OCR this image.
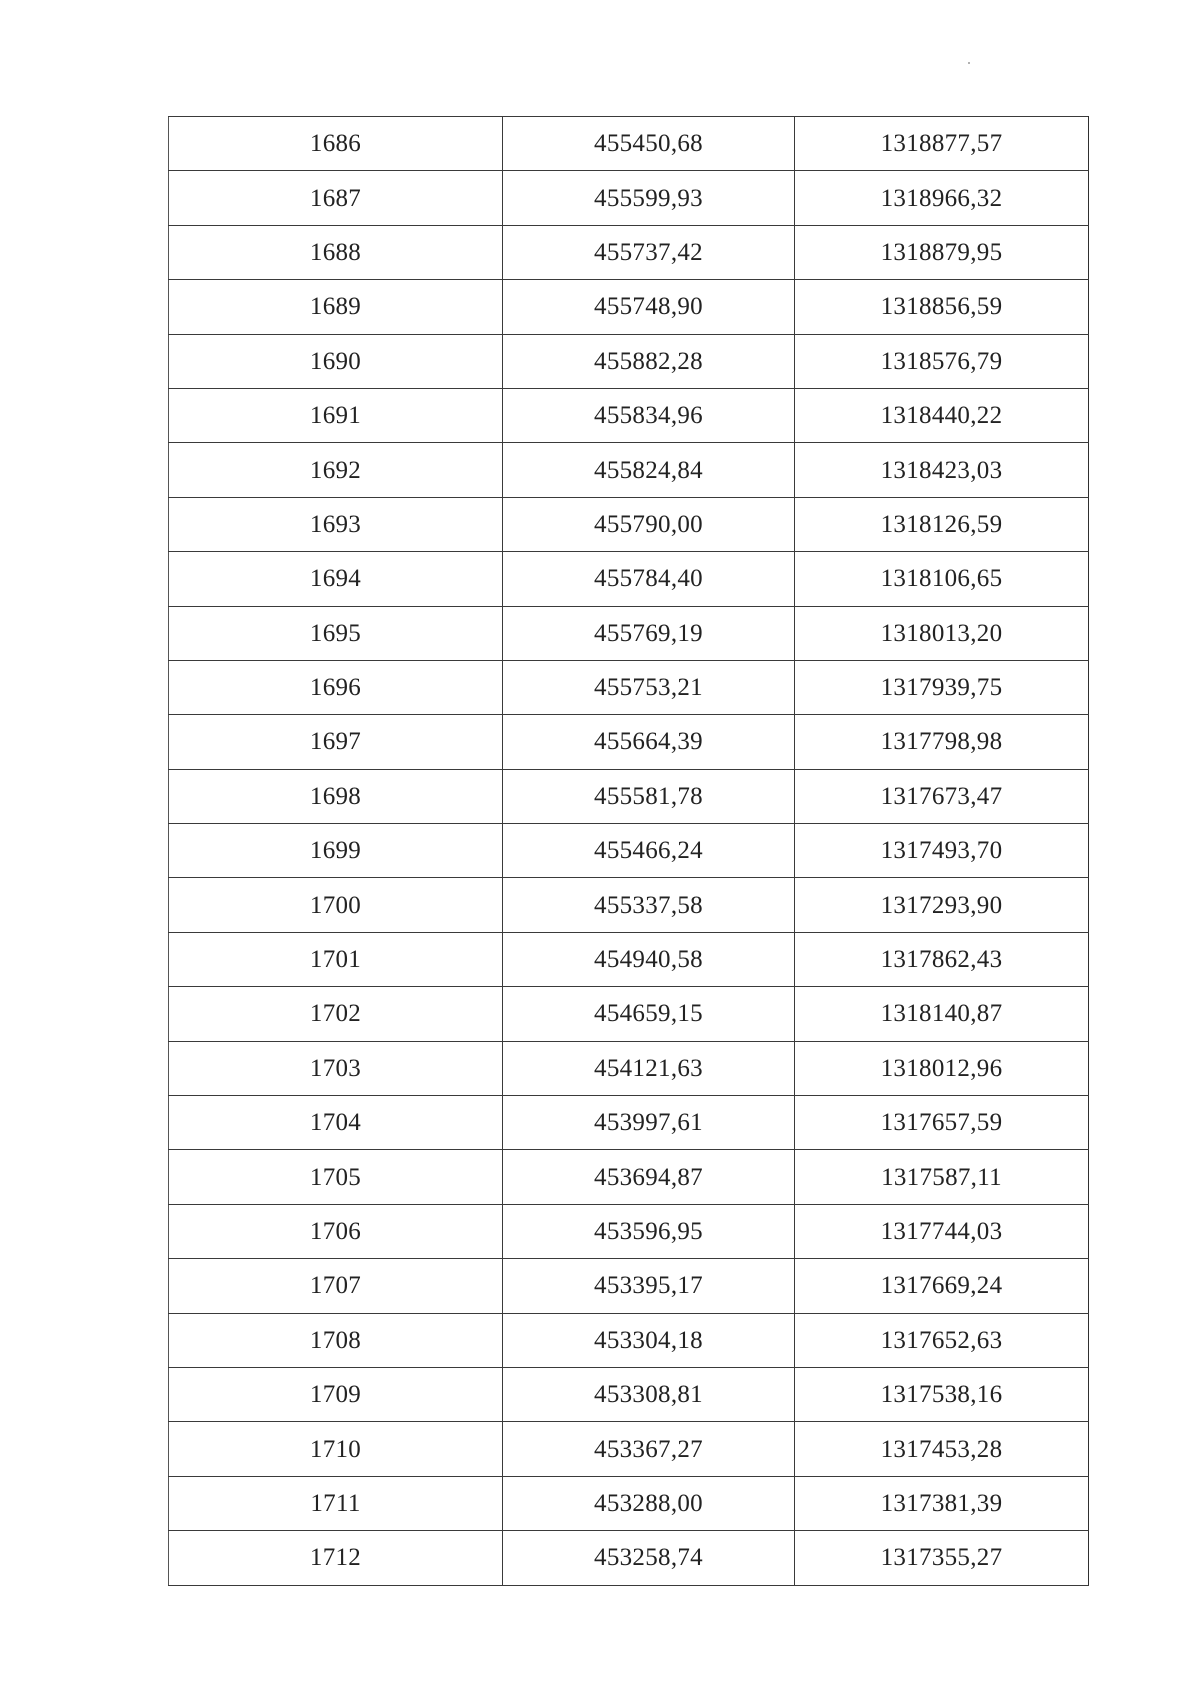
1686	455450,68	1318877,57
1687	455599,93	1318966,32
1688	455737,42	1318879,95
1689	455748,90	1318856,59
1690	455882,28	1318576,79
1691	455834,96	1318440,22
1692	455824,84	1318423,03
1693	455790,00	1318126,59
1694	455784,40	1318106,65
1695	455769,19	1318013,20
1696	455753,21	1317939,75
1697	455664,39	1317798,98
1698	455581,78	1317673,47
1699	455466,24	1317493,70
1700	455337,58	1317293,90
1701	454940,58	1317862,43
1702	454659,15	1318140,87
1703	454121,63	1318012,96
1704	453997,61	1317657,59
1705	453694,87	1317587,11
1706	453596,95	1317744,03
1707	453395,17	1317669,24
1708	453304,18	1317652,63
1709	453308,81	1317538,16
1710	453367,27	1317453,28
1711	453288,00	1317381,39
1712	453258,74	1317355,27
